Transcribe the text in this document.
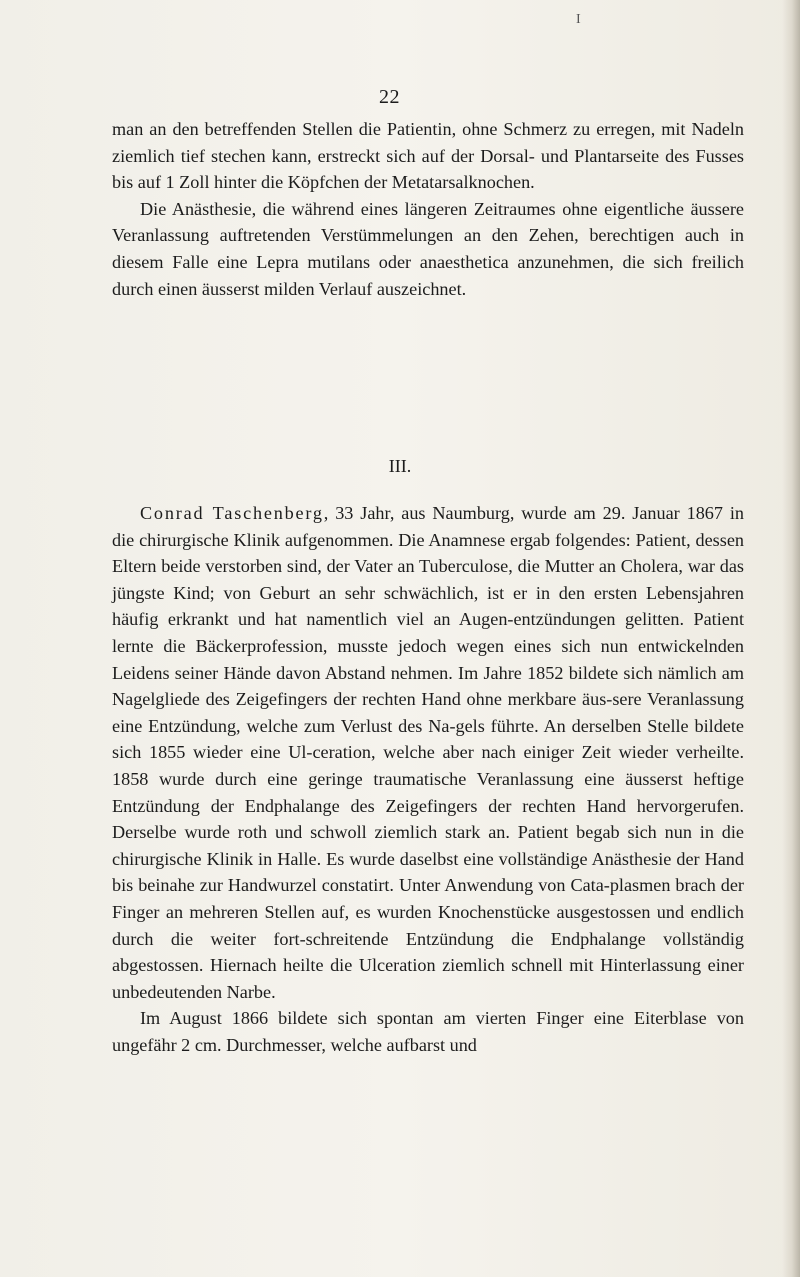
I
22

man an den betreffenden Stellen die Patientin, ohne Schmerz zu erregen, mit Nadeln ziemlich tief stechen kann, erstreckt sich auf der Dorsal- und Plantarseite des Fusses bis auf 1 Zoll hinter die Köpfchen der Metatarsalknochen.

Die Anästhesie, die während eines längeren Zeitraumes ohne eigentliche äussere Veranlassung auftretenden Verstümmelungen an den Zehen, berechtigen auch in diesem Falle eine Lepra mutilans oder anaesthetica anzunehmen, die sich freilich durch einen äusserst milden Verlauf auszeichnet.

III.

Conrad Taschenberg, 33 Jahr, aus Naumburg, wurde am 29. Januar 1867 in die chirurgische Klinik aufgenommen. Die Anamnese ergab folgendes: Patient, dessen Eltern beide verstorben sind, der Vater an Tuberculose, die Mutter an Cholera, war das jüngste Kind; von Geburt an sehr schwächlich, ist er in den ersten Lebensjahren häufig erkrankt und hat namentlich viel an Augen-entzündungen gelitten. Patient lernte die Bäckerprofession, musste jedoch wegen eines sich nun entwickelnden Leidens seiner Hände davon Abstand nehmen. Im Jahre 1852 bildete sich nämlich am Nagelgliede des Zeigefingers der rechten Hand ohne merkbare äus-sere Veranlassung eine Entzündung, welche zum Verlust des Na-gels führte. An derselben Stelle bildete sich 1855 wieder eine Ul-ceration, welche aber nach einiger Zeit wieder verheilte. 1858 wurde durch eine geringe traumatische Veranlassung eine äusserst heftige Entzündung der Endphalange des Zeigefingers der rechten Hand hervorgerufen. Derselbe wurde roth und schwoll ziemlich stark an. Patient begab sich nun in die chirurgische Klinik in Halle. Es wurde daselbst eine vollständige Anästhesie der Hand bis beinahe zur Handwurzel constatirt. Unter Anwendung von Cata-plasmen brach der Finger an mehreren Stellen auf, es wurden Knochenstücke ausgestossen und endlich durch die weiter fort-schreitende Entzündung die Endphalange vollständig abgestossen. Hiernach heilte die Ulceration ziemlich schnell mit Hinterlassung einer unbedeutenden Narbe.

Im August 1866 bildete sich spontan am vierten Finger eine Eiterblase von ungefähr 2 cm. Durchmesser, welche aufbarst und
